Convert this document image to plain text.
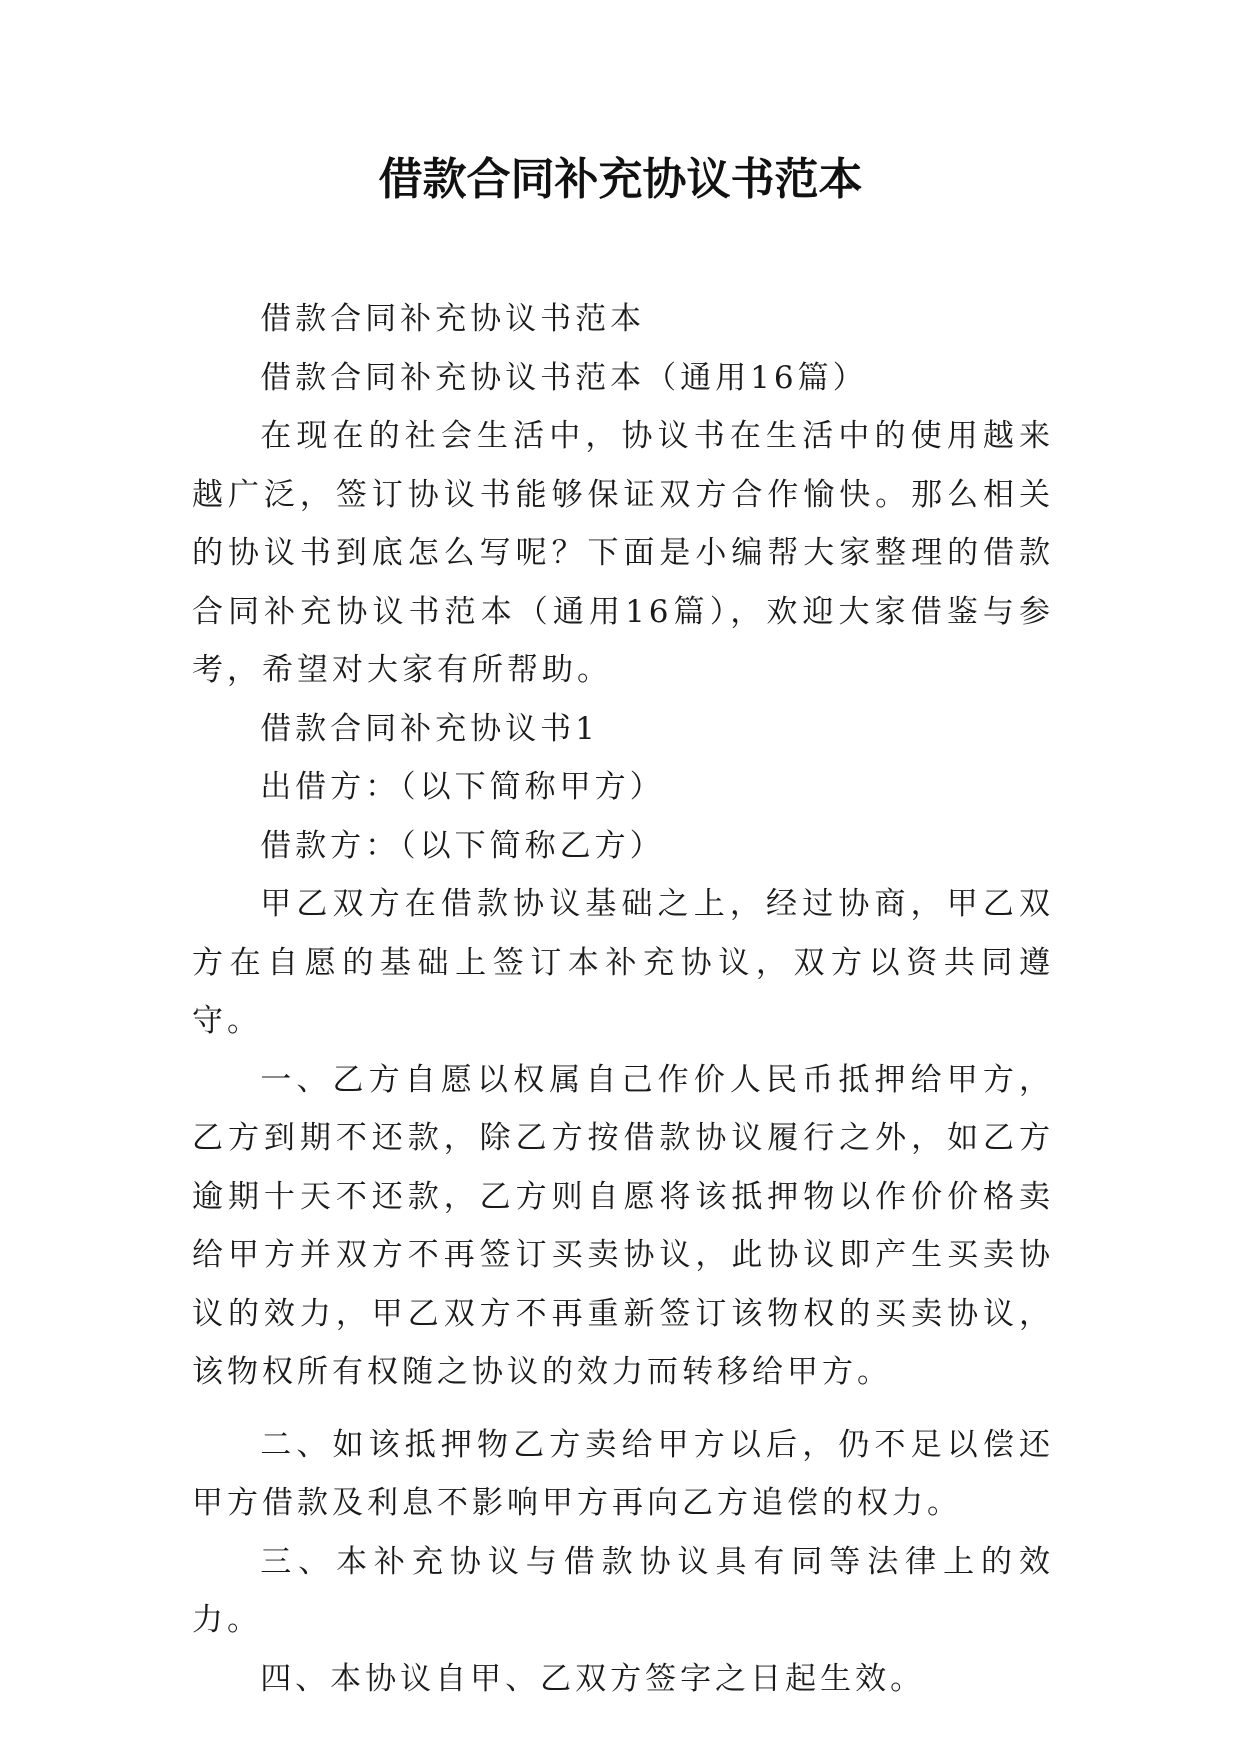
借款合同补充协议书范本

借款合同补充协议书范本

借款合同补充协议书范本（通用16篇）

在现在的社会生活中，协议书在生活中的使用越来越广泛，签订协议书能够保证双方合作愉快。那么相关的协议书到底怎么写呢？下面是小编帮大家整理的借款合同补充协议书范本（通用16篇），欢迎大家借鉴与参考，希望对大家有所帮助。

借款合同补充协议书1

出借方：（以下简称甲方）

借款方：（以下简称乙方）

甲乙双方在借款协议基础之上，经过协商，甲乙双方在自愿的基础上签订本补充协议，双方以资共同遵守。

一、乙方自愿以权属自己作价人民币抵押给甲方，乙方到期不还款，除乙方按借款协议履行之外，如乙方逾期十天不还款，乙方则自愿将该抵押物以作价价格卖给甲方并双方不再签订买卖协议，此协议即产生买卖协议的效力，甲乙双方不再重新签订该物权的买卖协议，该物权所有权随之协议的效力而转移给甲方。

二、如该抵押物乙方卖给甲方以后，仍不足以偿还甲方借款及利息不影响甲方再向乙方追偿的权力。

三、本补充协议与借款协议具有同等法律上的效力。

四、本协议自甲、乙双方签字之日起生效。
